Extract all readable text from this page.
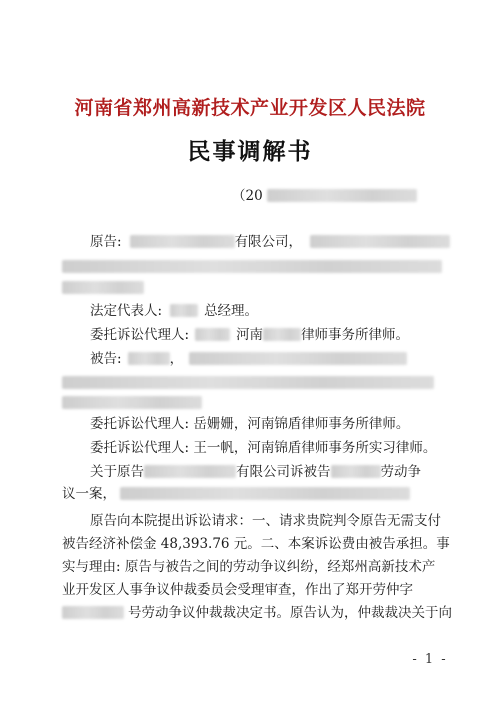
河南省郑州高新技术产业开发区人民法院
民事调解书
（20
原告:	有限公司，
法定代表人:	总经理。
委托诉讼代理人:	河南	律师事务所律师。
被告:	，
委托诉讼代理人: 岳姗姗，河南锦盾律师事务所律师。
委托诉讼代理人: 王一帆，河南锦盾律师事务所实习律师。
关于原告	有限公司诉被告	劳动争
议一案，
原告向本院提出诉讼请求：一、请求贵院判令原告无需支付
被告经济补偿金 48,393.76 元。二、本案诉讼费由被告承担。事
实与理由: 原告与被告之间的劳动争议纠纷，经郑州高新技术产
业开发区人事争议仲裁委员会受理审查，作出了郑开劳仲字
号劳动争议仲裁裁决定书。原告认为，仲裁裁决关于向
- 1 -
